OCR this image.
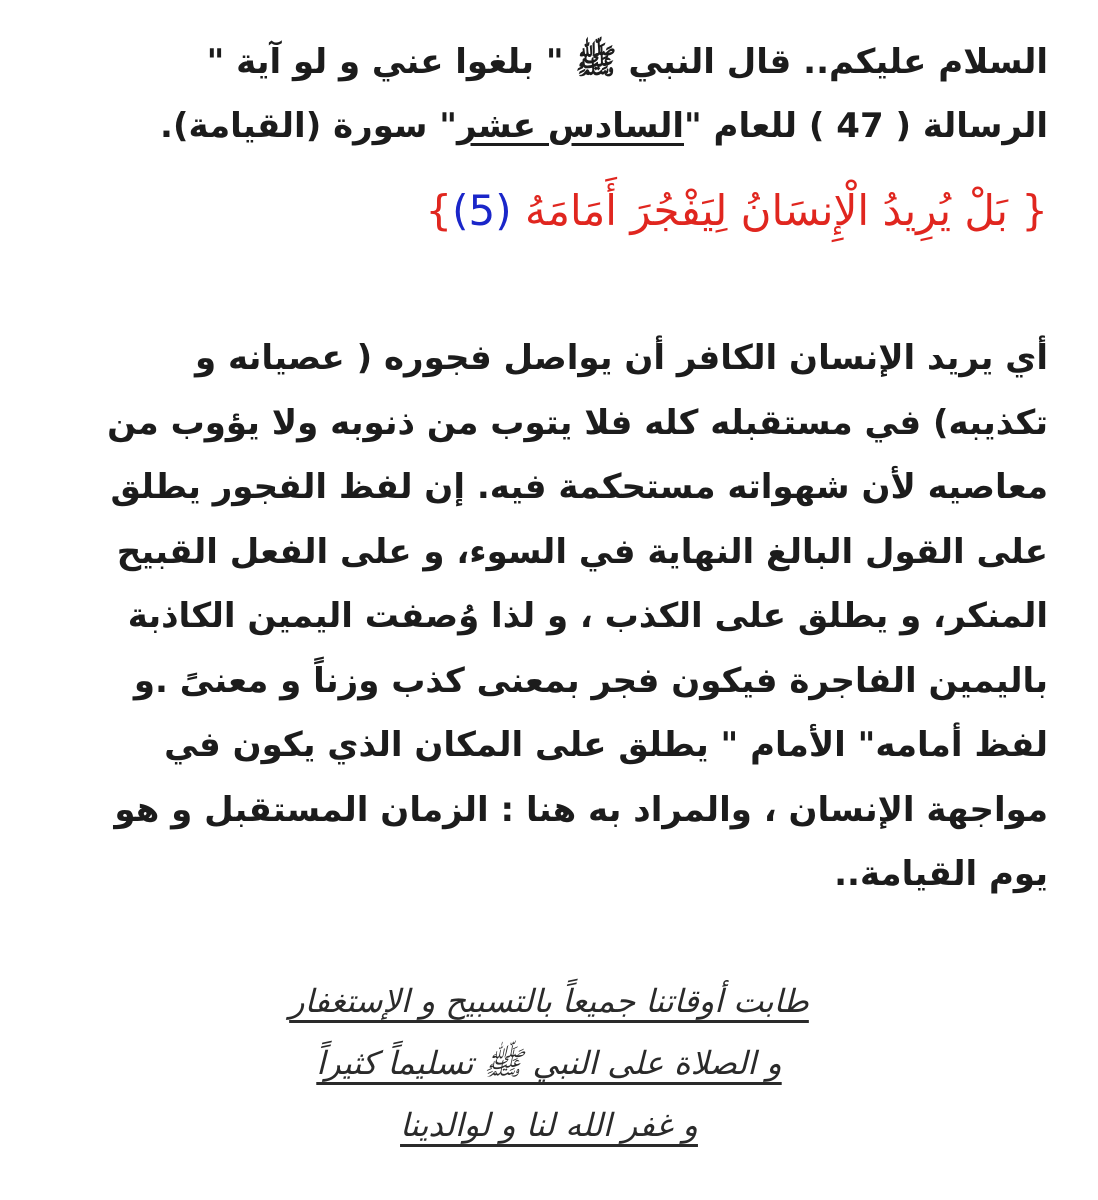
السلام عليكم.. قال النبي ﷺ " بلغوا عني و لو آية "
الرسالة ( 47 ) للعام "السادس عشر" سورة (القيامة).
{ بَلْ يُرِيدُ الْإِنسَانُ لِيَفْجُرَ أَمَامَهُ (5)}
أي يريد الإنسان الكافر أن يواصل فجوره ( عصيانه و
تكذيبه) في مستقبله كله فلا يتوب من ذنوبه ولا يؤوب من
معاصيه لأن شهواته مستحكمة فيه. إن لفظ الفجور يطلق
على القول البالغ النهاية في السوء، و على الفعل القبيح
المنكر، و يطلق على الكذب ، و لذا وُصفت اليمين الكاذبة
باليمين الفاجرة فيكون فجر بمعنى كذب وزناً و معنىً .و
لفظ أمامه" الأمام " يطلق على المكان الذي يكون في
مواجهة الإنسان ، والمراد به هنا : الزمان المستقبل و هو
يوم القيامة..
طابت أوقاتنا جميعاً بالتسبيح و الإستغفار
و الصلاة على النبي ﷺ تسليماً كثيراً
و غفر الله لنا و لوالدينا
